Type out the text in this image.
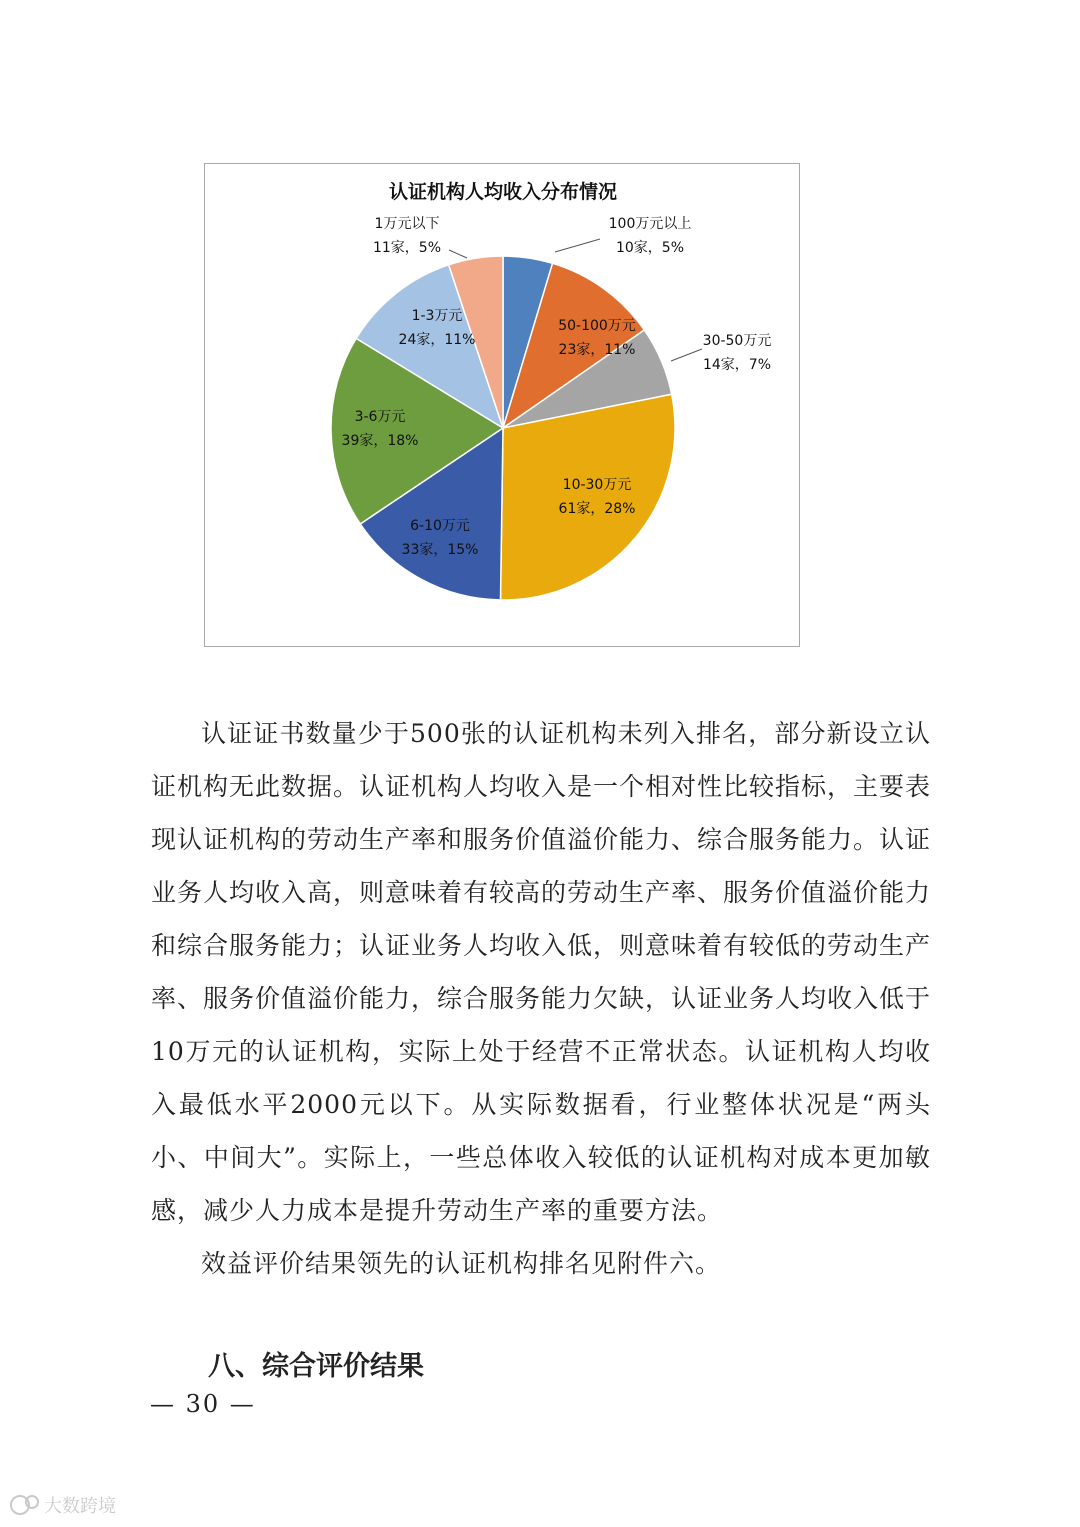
认证机构人均收入分布情况
100万元以上
10家，5%
50-100万元
23家，11%
30-50万元
14家，7%
10-30万元
61家，28%
6-10万元
33家，15%
3-6万元
39家，18%
1-3万元
24家，11%
1万元以下
11家，5%

认证证书数量少于500张的认证机构未列入排名，部分新设立认证机构无此数据。认证机构人均收入是一个相对性比较指标，主要表现认证机构的劳动生产率和服务价值溢价能力、综合服务能力。认证业务人均收入高，则意味着有较高的劳动生产率、服务价值溢价能力和综合服务能力；认证业务人均收入低，则意味着有较低的劳动生产率、服务价值溢价能力，综合服务能力欠缺，认证业务人均收入低于10万元的认证机构，实际上处于经营不正常状态。认证机构人均收入最低水平2000元以下。从实际数据看，行业整体状况是“两头小、中间大”。实际上，一些总体收入较低的认证机构对成本更加敏感，减少人力成本是提升劳动生产率的重要方法。

效益评价结果领先的认证机构排名见附件六。

八、综合评价结果
— 30 —
大数跨境
